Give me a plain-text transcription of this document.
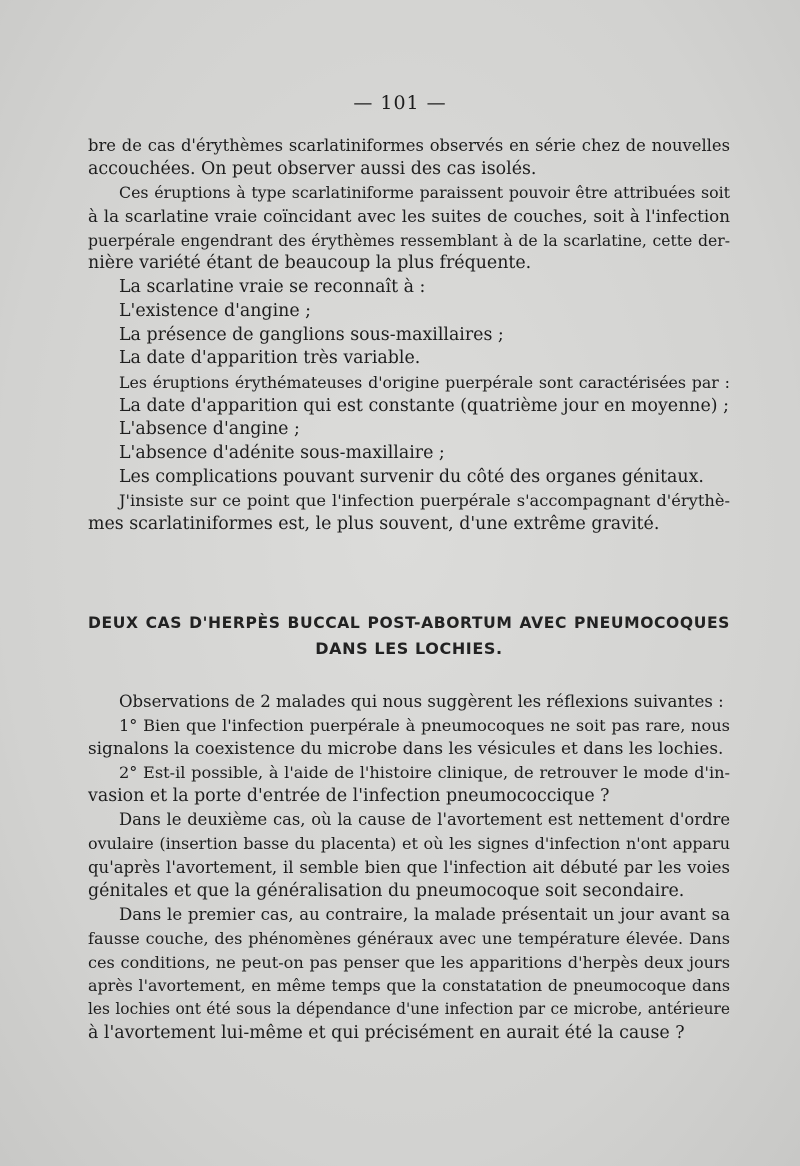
— 101 —
bre de cas d'érythèmes scarlatiniformes observés en série chez de nouvelles
accouchées. On peut observer aussi des cas isolés.
Ces éruptions à type scarlatiniforme paraissent pouvoir être attribuées soit
à la scarlatine vraie coïncidant avec les suites de couches, soit à l'infection
puerpérale engendrant des érythèmes ressemblant à de la scarlatine, cette der-
nière variété étant de beaucoup la plus fréquente.
La scarlatine vraie se reconnaît à :
L'existence d'angine ;
La présence de ganglions sous-maxillaires ;
La date d'apparition très variable.
Les éruptions érythémateuses d'origine puerpérale sont caractérisées par :
La date d'apparition qui est constante (quatrième jour en moyenne) ;
L'absence d'angine ;
L'absence d'adénite sous-maxillaire ;
Les complications pouvant survenir du côté des organes génitaux.
J'insiste sur ce point que l'infection puerpérale s'accompagnant d'érythè-
mes scarlatiniformes est, le plus souvent, d'une extrême gravité.
DEUX CAS D'HERPÈS BUCCAL POST-ABORTUM AVEC PNEUMOCOQUES
DANS LES LOCHIES.
Observations de 2 malades qui nous suggèrent les réflexions suivantes :
1° Bien que l'infection puerpérale à pneumocoques ne soit pas rare, nous
signalons la coexistence du microbe dans les vésicules et dans les lochies.
2° Est-il possible, à l'aide de l'histoire clinique, de retrouver le mode d'in-
vasion et la porte d'entrée de l'infection pneumococcique ?
Dans le deuxième cas, où la cause de l'avortement est nettement d'ordre
ovulaire (insertion basse du placenta) et où les signes d'infection n'ont apparu
qu'après l'avortement, il semble bien que l'infection ait débuté par les voies
génitales et que la généralisation du pneumocoque soit secondaire.
Dans le premier cas, au contraire, la malade présentait un jour avant sa
fausse couche, des phénomènes généraux avec une température élevée. Dans
ces conditions, ne peut-on pas penser que les apparitions d'herpès deux jours
après l'avortement, en même temps que la constatation de pneumocoque dans
les lochies ont été sous la dépendance d'une infection par ce microbe, antérieure
à l'avortement lui-même et qui précisément en aurait été la cause ?
